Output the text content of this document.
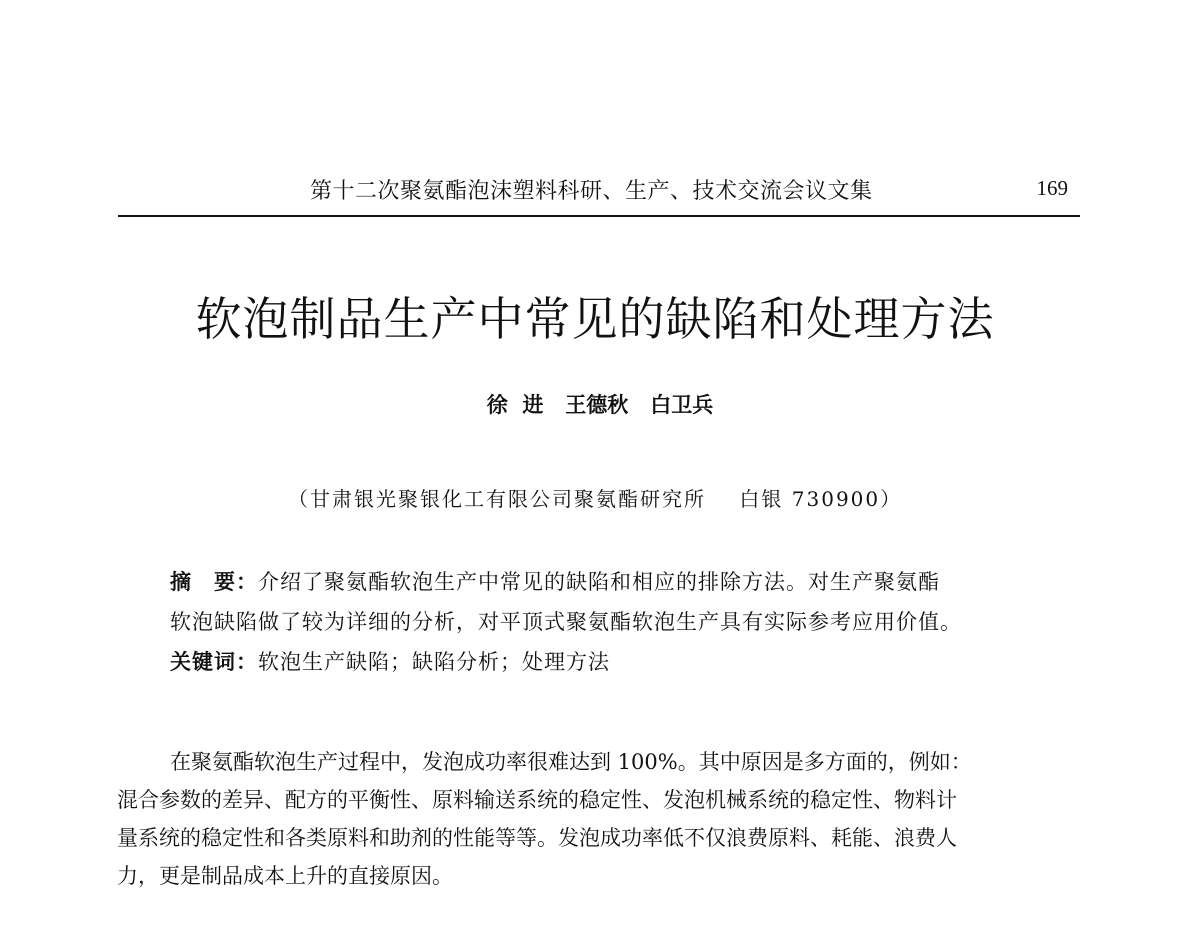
第十二次聚氨酯泡沫塑料科研、生产、技术交流会议文集	169
软泡制品生产中常见的缺陷和处理方法
徐  进   王德秋   白卫兵
（甘肃银光聚银化工有限公司聚氨酯研究所    白银 730900）
摘　要：介绍了聚氨酯软泡生产中常见的缺陷和相应的排除方法。对生产聚氨酯
软泡缺陷做了较为详细的分析，对平顶式聚氨酯软泡生产具有实际参考应用价值。
关键词：软泡生产缺陷；缺陷分析；处理方法
在聚氨酯软泡生产过程中，发泡成功率很难达到 100%。其中原因是多方面的，例如：
混合参数的差异、配方的平衡性、原料输送系统的稳定性、发泡机械系统的稳定性、物料计
量系统的稳定性和各类原料和助剂的性能等等。发泡成功率低不仅浪费原料、耗能、浪费人
力，更是制品成本上升的直接原因。
